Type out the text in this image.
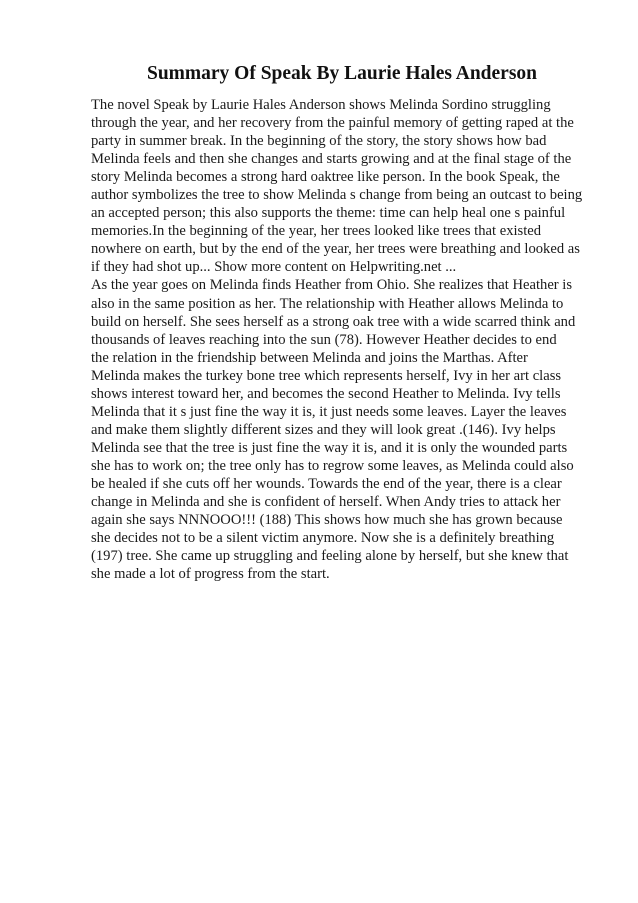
Summary Of Speak By Laurie Hales Anderson
The novel Speak by Laurie Hales Anderson shows Melinda Sordino struggling
through the year, and her recovery from the painful memory of getting raped at the
party in summer break. In the beginning of the story, the story shows how bad
Melinda feels and then she changes and starts growing and at the final stage of the
story Melinda becomes a strong hard oaktree like person. In the book Speak, the
author symbolizes the tree to show Melinda s change from being an outcast to being
an accepted person; this also supports the theme: time can help heal one s painful
memories.In the beginning of the year, her trees looked like trees that existed
nowhere on earth, but by the end of the year, her trees were breathing and looked as
if they had shot up... Show more content on Helpwriting.net ...
As the year goes on Melinda finds Heather from Ohio. She realizes that Heather is
also in the same position as her. The relationship with Heather allows Melinda to
build on herself. She sees herself as a strong oak tree with a wide scarred think and
thousands of leaves reaching into the sun (78). However Heather decides to end
the relation in the friendship between Melinda and joins the Marthas. After
Melinda makes the turkey bone tree which represents herself, Ivy in her art class
shows interest toward her, and becomes the second Heather to Melinda. Ivy tells
Melinda that it s just fine the way it is, it just needs some leaves. Layer the leaves
and make them slightly different sizes and they will look great .(146). Ivy helps
Melinda see that the tree is just fine the way it is, and it is only the wounded parts
she has to work on; the tree only has to regrow some leaves, as Melinda could also
be healed if she cuts off her wounds. Towards the end of the year, there is a clear
change in Melinda and she is confident of herself. When Andy tries to attack her
again she says NNNOOO!!! (188) This shows how much she has grown because
she decides not to be a silent victim anymore. Now she is a definitely breathing
(197) tree. She came up struggling and feeling alone by herself, but she knew that
she made a lot of progress from the start.
